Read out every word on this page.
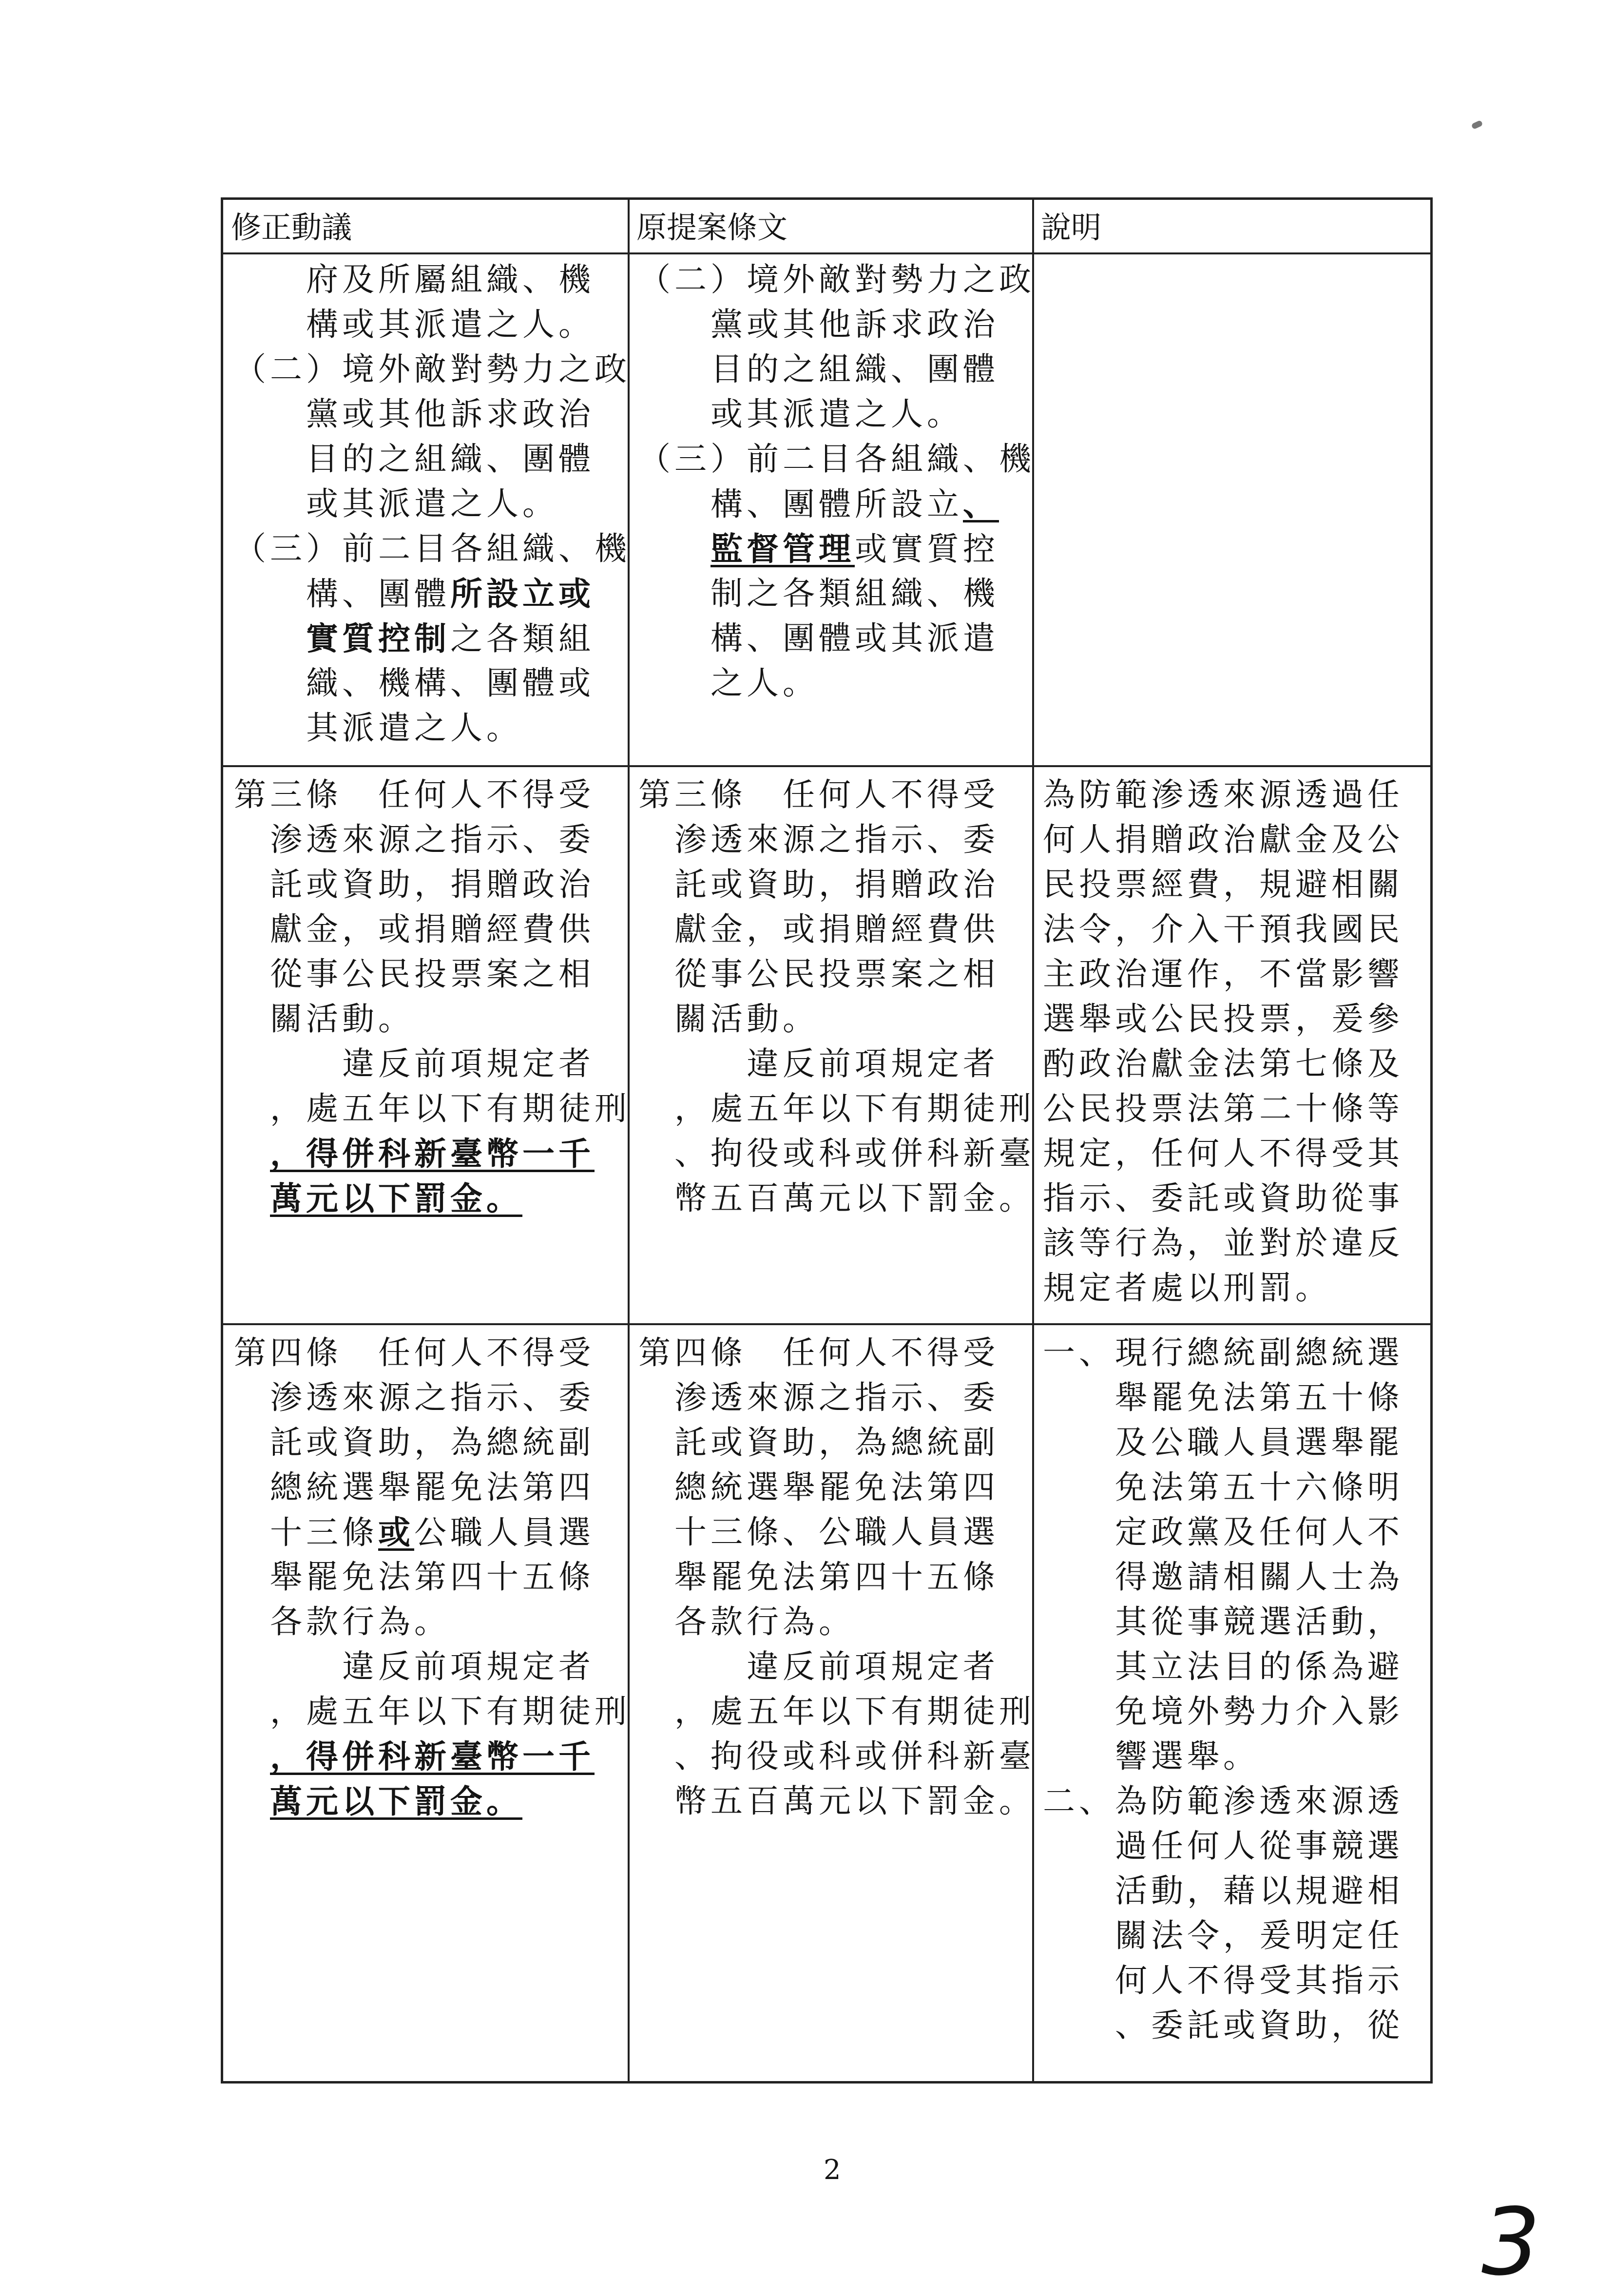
修正動議	原提案條文	說明
　　府及所屬組織、機
　　構或其派遣之人。
（二）境外敵對勢力之政
　　黨或其他訴求政治
　　目的之組織、團體
　　或其派遣之人。
（三）前二目各組織、機
　　構、團體所設立或
　　實質控制之各類組
　　織、機構、團體或
　　其派遣之人。
（二）境外敵對勢力之政
　　黨或其他訴求政治
　　目的之組織、團體
　　或其派遣之人。
（三）前二目各組織、機
　　構、團體所設立、
　　監督管理或實質控
　　制之各類組織、機
　　構、團體或其派遣
　　之人。
第三條　任何人不得受
　渗透來源之指示、委
　託或資助，捐贈政治
　獻金，或捐贈經費供
　從事公民投票案之相
　關活動。
　　　違反前項規定者
　，處五年以下有期徒刑
　，得併科新臺幣一千
　萬元以下罰金。
第三條　任何人不得受
　渗透來源之指示、委
　託或資助，捐贈政治
　獻金，或捐贈經費供
　從事公民投票案之相
　關活動。
　　　違反前項規定者
　，處五年以下有期徒刑
　、拘役或科或併科新臺
　幣五百萬元以下罰金。
為防範渗透來源透過任
何人捐贈政治獻金及公
民投票經費，規避相關
法令，介入干預我國民
主政治運作，不當影響
選舉或公民投票，爰參
酌政治獻金法第七條及
公民投票法第二十條等
規定，任何人不得受其
指示、委託或資助從事
該等行為，並對於違反
規定者處以刑罰。
第四條　任何人不得受
　渗透來源之指示、委
　託或資助，為總統副
　總統選舉罷免法第四
　十三條或公職人員選
　舉罷免法第四十五條
　各款行為。
　　　違反前項規定者
　，處五年以下有期徒刑
　，得併科新臺幣一千
　萬元以下罰金。
第四條　任何人不得受
　渗透來源之指示、委
　託或資助，為總統副
　總統選舉罷免法第四
　十三條、公職人員選
　舉罷免法第四十五條
　各款行為。
　　　違反前項規定者
　，處五年以下有期徒刑
　、拘役或科或併科新臺
　幣五百萬元以下罰金。
一、現行總統副總統選
　　舉罷免法第五十條
　　及公職人員選舉罷
　　免法第五十六條明
　　定政黨及任何人不
　　得邀請相關人士為
　　其從事競選活動，
　　其立法目的係為避
　　免境外勢力介入影
　　響選舉。
二、為防範渗透來源透
　　過任何人從事競選
　　活動，藉以規避相
　　關法令，爰明定任
　　何人不得受其指示
　　、委託或資助，從
2
3
